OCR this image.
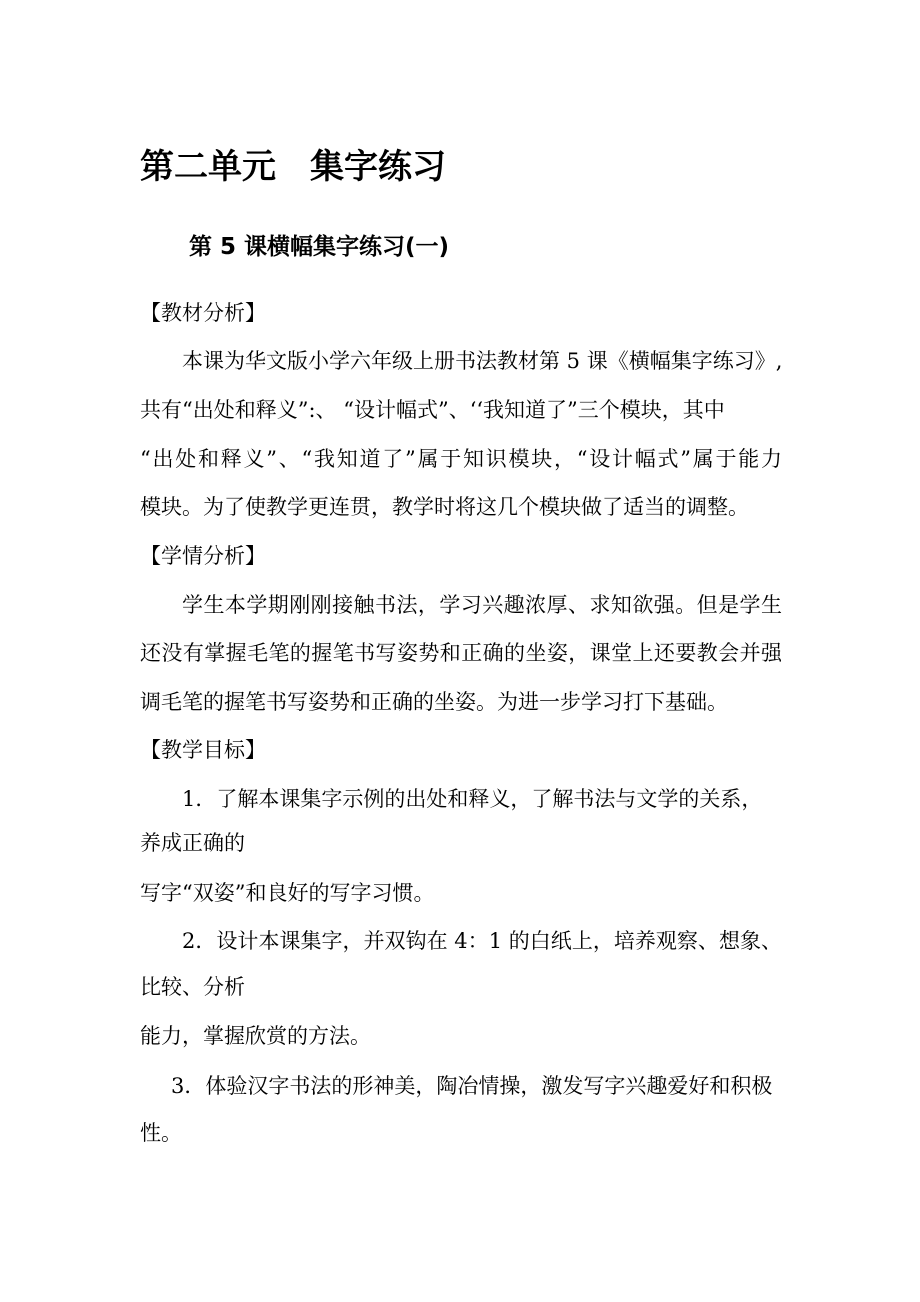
第二单元　集字练习
第 5 课横幅集字练习(一)
【教材分析】
本课为华文版小学六年级上册书法教材第 5 课《横幅集字练习》,
共有“出处和释义”:、 “设计幅式”、‘‘我知道了”三个模块，其中
“出处和释义”、“我知道了”属于知识模块，“设计幅式”属于能力
模块。为了使教学更连贯，教学时将这几个模块做了适当的调整。
【学情分析】
学生本学期刚刚接触书法，学习兴趣浓厚、求知欲强。但是学生
还没有掌握毛笔的握笔书写姿势和正确的坐姿，课堂上还要教会并强
调毛笔的握笔书写姿势和正确的坐姿。为进一步学习打下基础。
【教学目标】
1．了解本课集字示例的出处和释义，了解书法与文学的关系，
养成正确的
写字“双姿”和良好的写字习惯。
2．设计本课集字，并双钩在 4：1 的白纸上，培养观察、想象、
比较、分析
能力，掌握欣赏的方法。
3．体验汉字书法的形神美，陶冶情操，激发写字兴趣爱好和积极
性。
